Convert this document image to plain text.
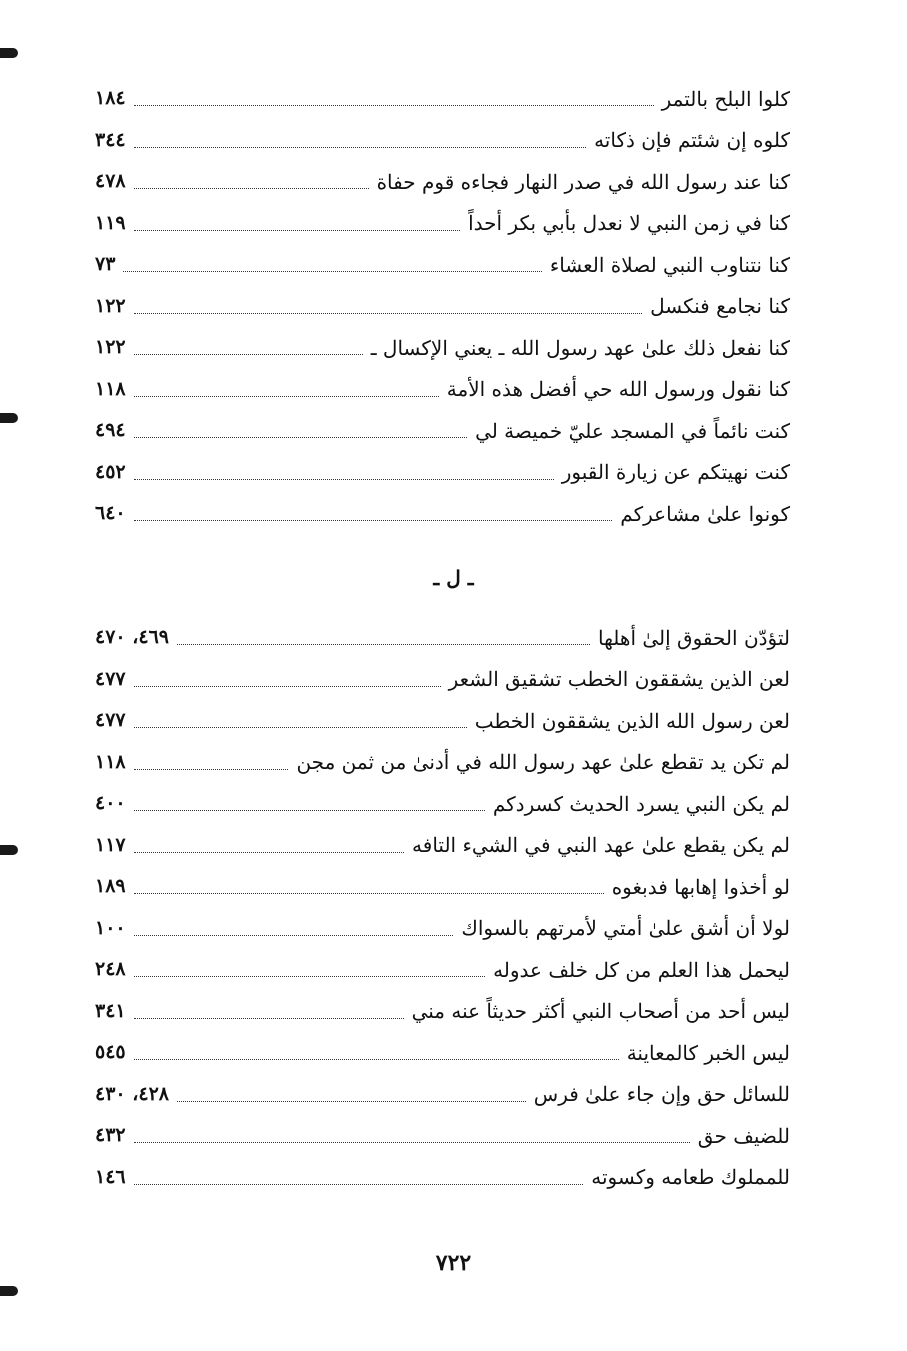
كلوا البلح بالتمر
١٨٤
كلوه إن شئتم فإن ذكاته
٣٤٤
كنا عند رسول الله في صدر النهار فجاءه قوم حفاة
٤٧٨
كنا في زمن النبي لا نعدل بأبي بكر أحداً
١١٩
كنا نتناوب النبي لصلاة العشاء
٧٣
كنا نجامع فنكسل
١٢٢
كنا نفعل ذلك علىٰ عهد رسول الله ـ يعني الإكسال ـ
١٢٢
كنا نقول ورسول الله حي أفضل هذه الأمة
١١٨
كنت نائماً في المسجد عليّ خميصة لي
٤٩٤
كنت نهيتكم عن زيارة القبور
٤٥٢
كونوا علىٰ مشاعركم
٦٤٠
ـ ل ـ
لتؤدّن الحقوق إلىٰ أهلها
٤٦٩، ٤٧٠
لعن الذين يشققون الخطب تشقيق الشعر
٤٧٧
لعن رسول الله الذين يشققون الخطب
٤٧٧
لم تكن يد تقطع علىٰ عهد رسول الله في أدنىٰ من ثمن مجن
١١٨
لم يكن النبي يسرد الحديث كسردكم
٤٠٠
لم يكن يقطع علىٰ عهد النبي في الشيء التافه
١١٧
لو أخذوا إهابها فدبغوه
١٨٩
لولا أن أشق علىٰ أمتي لأمرتهم بالسواك
١٠٠
ليحمل هذا العلم من كل خلف عدوله
٢٤٨
ليس أحد من أصحاب النبي أكثر حديثاً عنه مني
٣٤١
ليس الخبر كالمعاينة
٥٤٥
للسائل حق وإن جاء علىٰ فرس
٤٢٨، ٤٣٠
للضيف حق
٤٣٢
للمملوك طعامه وكسوته
١٤٦
٧٢٢
